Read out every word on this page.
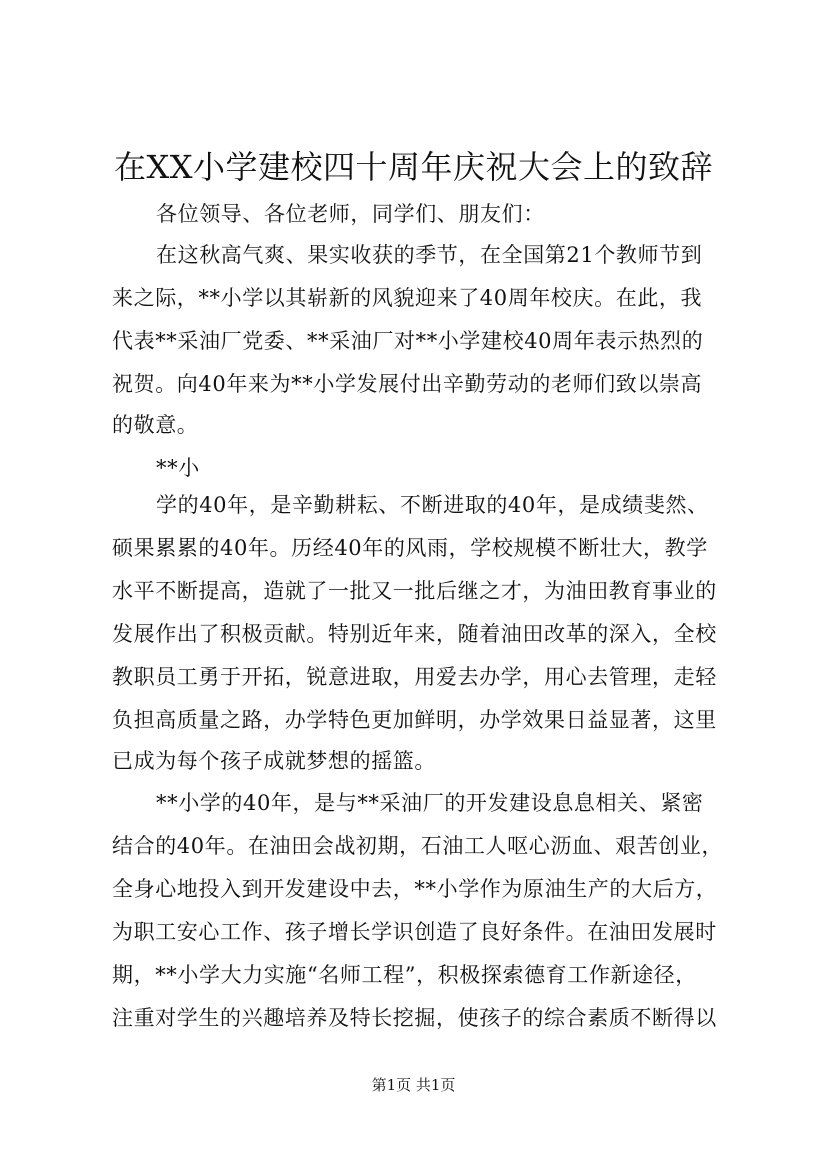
在XX小学建校四十周年庆祝大会上的致辞
各位领导、各位老师，同学们、朋友们：
在这秋高气爽、果实收获的季节，在全国第21个教师节到
来之际，**小学以其崭新的风貌迎来了40周年校庆。在此，我
代表**采油厂党委、**采油厂对**小学建校40周年表示热烈的
祝贺。向40年来为**小学发展付出辛勤劳动的老师们致以崇高
的敬意。
**小
学的40年，是辛勤耕耘、不断进取的40年，是成绩斐然、
硕果累累的40年。历经40年的风雨，学校规模不断壮大，教学
水平不断提高，造就了一批又一批后继之才，为油田教育事业的
发展作出了积极贡献。特别近年来，随着油田改革的深入，全校
教职员工勇于开拓，锐意进取，用爱去办学，用心去管理，走轻
负担高质量之路，办学特色更加鲜明，办学效果日益显著，这里
已成为每个孩子成就梦想的摇篮。
**小学的40年，是与**采油厂的开发建设息息相关、紧密
结合的40年。在油田会战初期，石油工人呕心沥血、艰苦创业，
全身心地投入到开发建设中去，**小学作为原油生产的大后方，
为职工安心工作、孩子增长学识创造了良好条件。在油田发展时
期，**小学大力实施“名师工程”，积极探索德育工作新途径，
注重对学生的兴趣培养及特长挖掘，使孩子的综合素质不断得以
第1页 共1页
